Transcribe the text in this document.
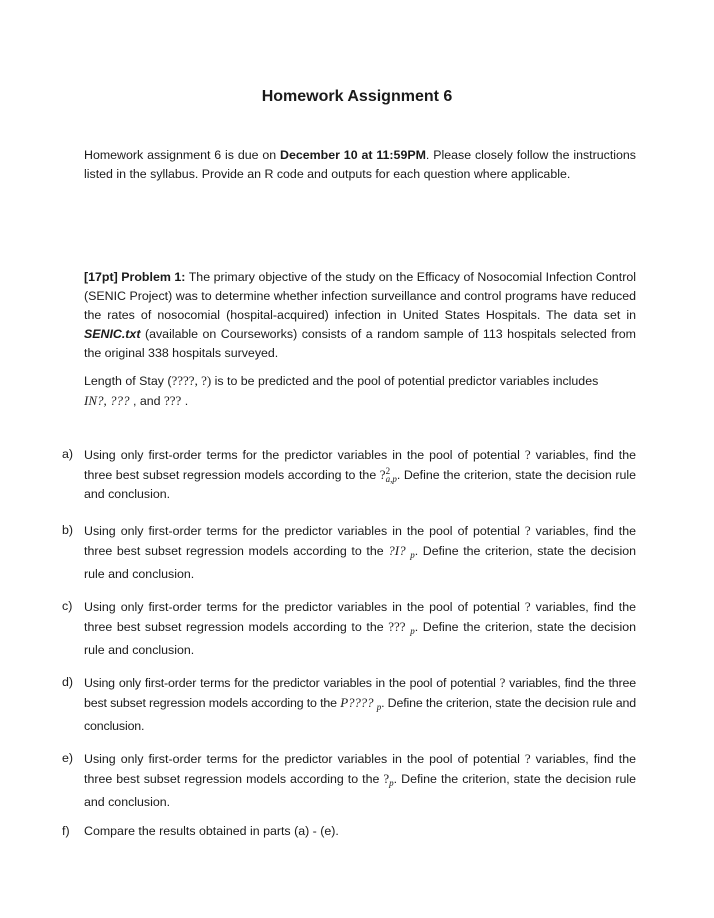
Homework Assignment 6

Homework assignment 6 is due on December 10 at 11:59PM. Please closely follow the instructions listed in the syllabus. Provide an R code and outputs for each question where applicable.

[17pt] Problem 1: The primary objective of the study on the Efficacy of Nosocomial Infection Control (SENIC Project) was to determine whether infection surveillance and control programs have reduced the rates of nosocomial (hospital-acquired) infection in United States Hospitals. The data set in SENIC.txt (available on Courseworks) consists of a random sample of 113 hospitals selected from the original 338 hospitals surveyed.

Length of Stay (????, ?) is to be predicted and the pool of potential predictor variables includes
IN?, ??? , and ??? .

a) Using only first-order terms for the predictor variables in the pool of potential ? variables, find the three best subset regression models according to the ?2
a,p. Define the criterion, state the decision rule and conclusion.
b) Using only first-order terms for the predictor variables in the pool of potential ? variables, find the three best subset regression models according to the ?I? $_p$. Define the criterion, state the decision rule and conclusion.
c) Using only first-order terms for the predictor variables in the pool of potential ? variables, find the three best subset regression models according to the ??? $_p$. Define the criterion, state the decision rule and conclusion.
d) Using only first-order terms for the predictor variables in the pool of potential ? variables, find the three best subset regression models according to the P???? $_p$. Define the criterion, state the decision rule and conclusion.
e) Using only first-order terms for the predictor variables in the pool of potential ? variables, find the three best subset regression models according to the $?_p$. Define the criterion, state the decision rule and conclusion.
f)	Compare the results obtained in parts (a) - (e).
